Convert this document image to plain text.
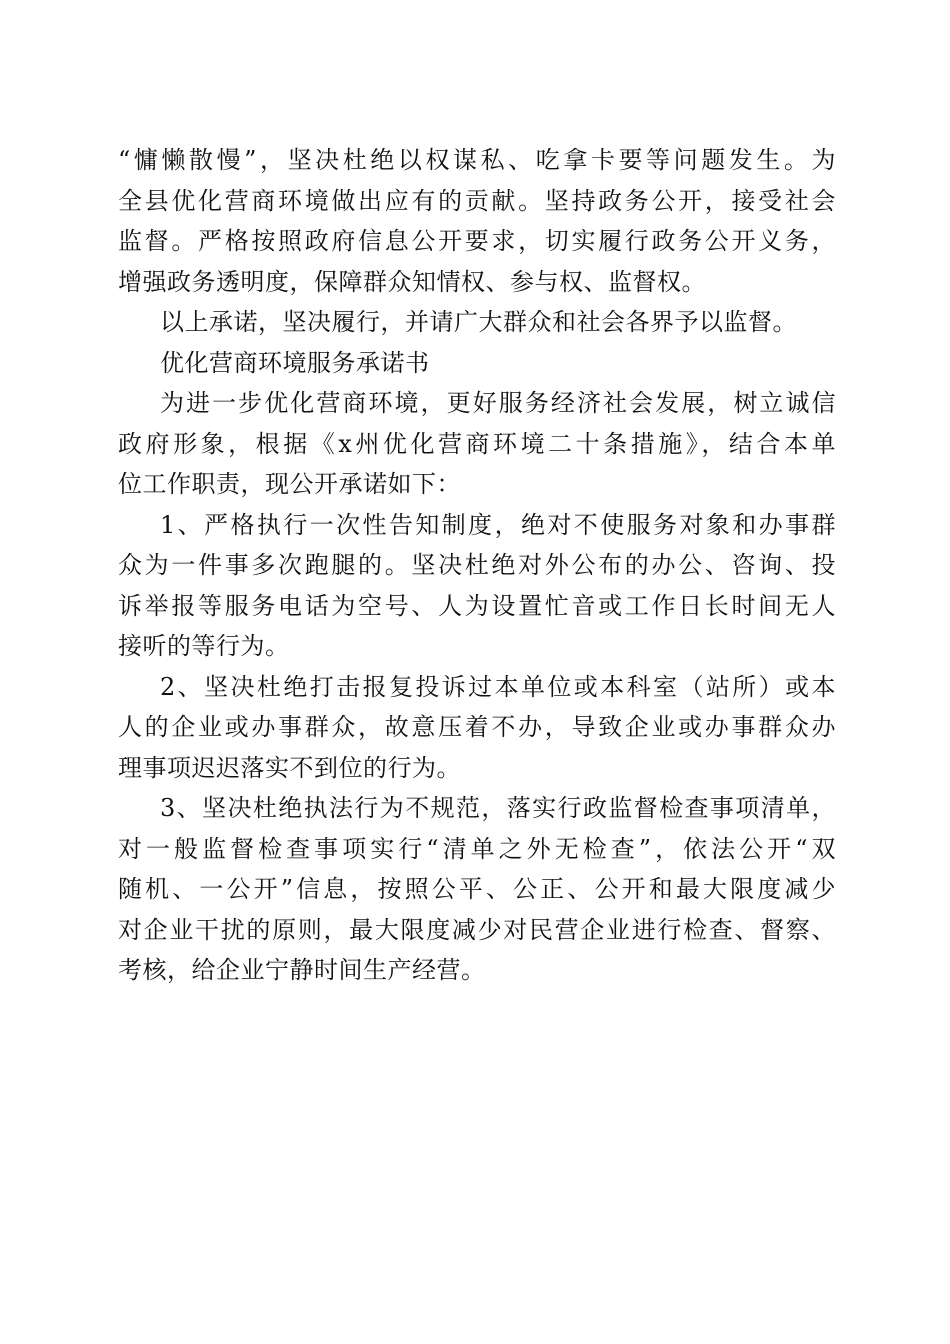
“慵懒散慢”，坚决杜绝以权谋私、吃拿卡要等问题发生。为
全县优化营商环境做出应有的贡献。坚持政务公开，接受社会
监督。严格按照政府信息公开要求，切实履行政务公开义务，
增强政务透明度，保障群众知情权、参与权、监督权。
以上承诺，坚决履行，并请广大群众和社会各界予以监督。
优化营商环境服务承诺书
为进一步优化营商环境，更好服务经济社会发展，树立诚信
政府形象，根据《x州优化营商环境二十条措施》，结合本单
位工作职责，现公开承诺如下：
1、严格执行一次性告知制度，绝对不使服务对象和办事群
众为一件事多次跑腿的。坚决杜绝对外公布的办公、咨询、投
诉举报等服务电话为空号、人为设置忙音或工作日长时间无人
接听的等行为。
2、坚决杜绝打击报复投诉过本单位或本科室（站所）或本
人的企业或办事群众，故意压着不办，导致企业或办事群众办
理事项迟迟落实不到位的行为。
3、坚决杜绝执法行为不规范，落实行政监督检查事项清单，
对一般监督检查事项实行“清单之外无检查”，依法公开“双
随机、一公开”信息，按照公平、公正、公开和最大限度减少
对企业干扰的原则，最大限度减少对民营企业进行检查、督察、
考核，给企业宁静时间生产经营。
